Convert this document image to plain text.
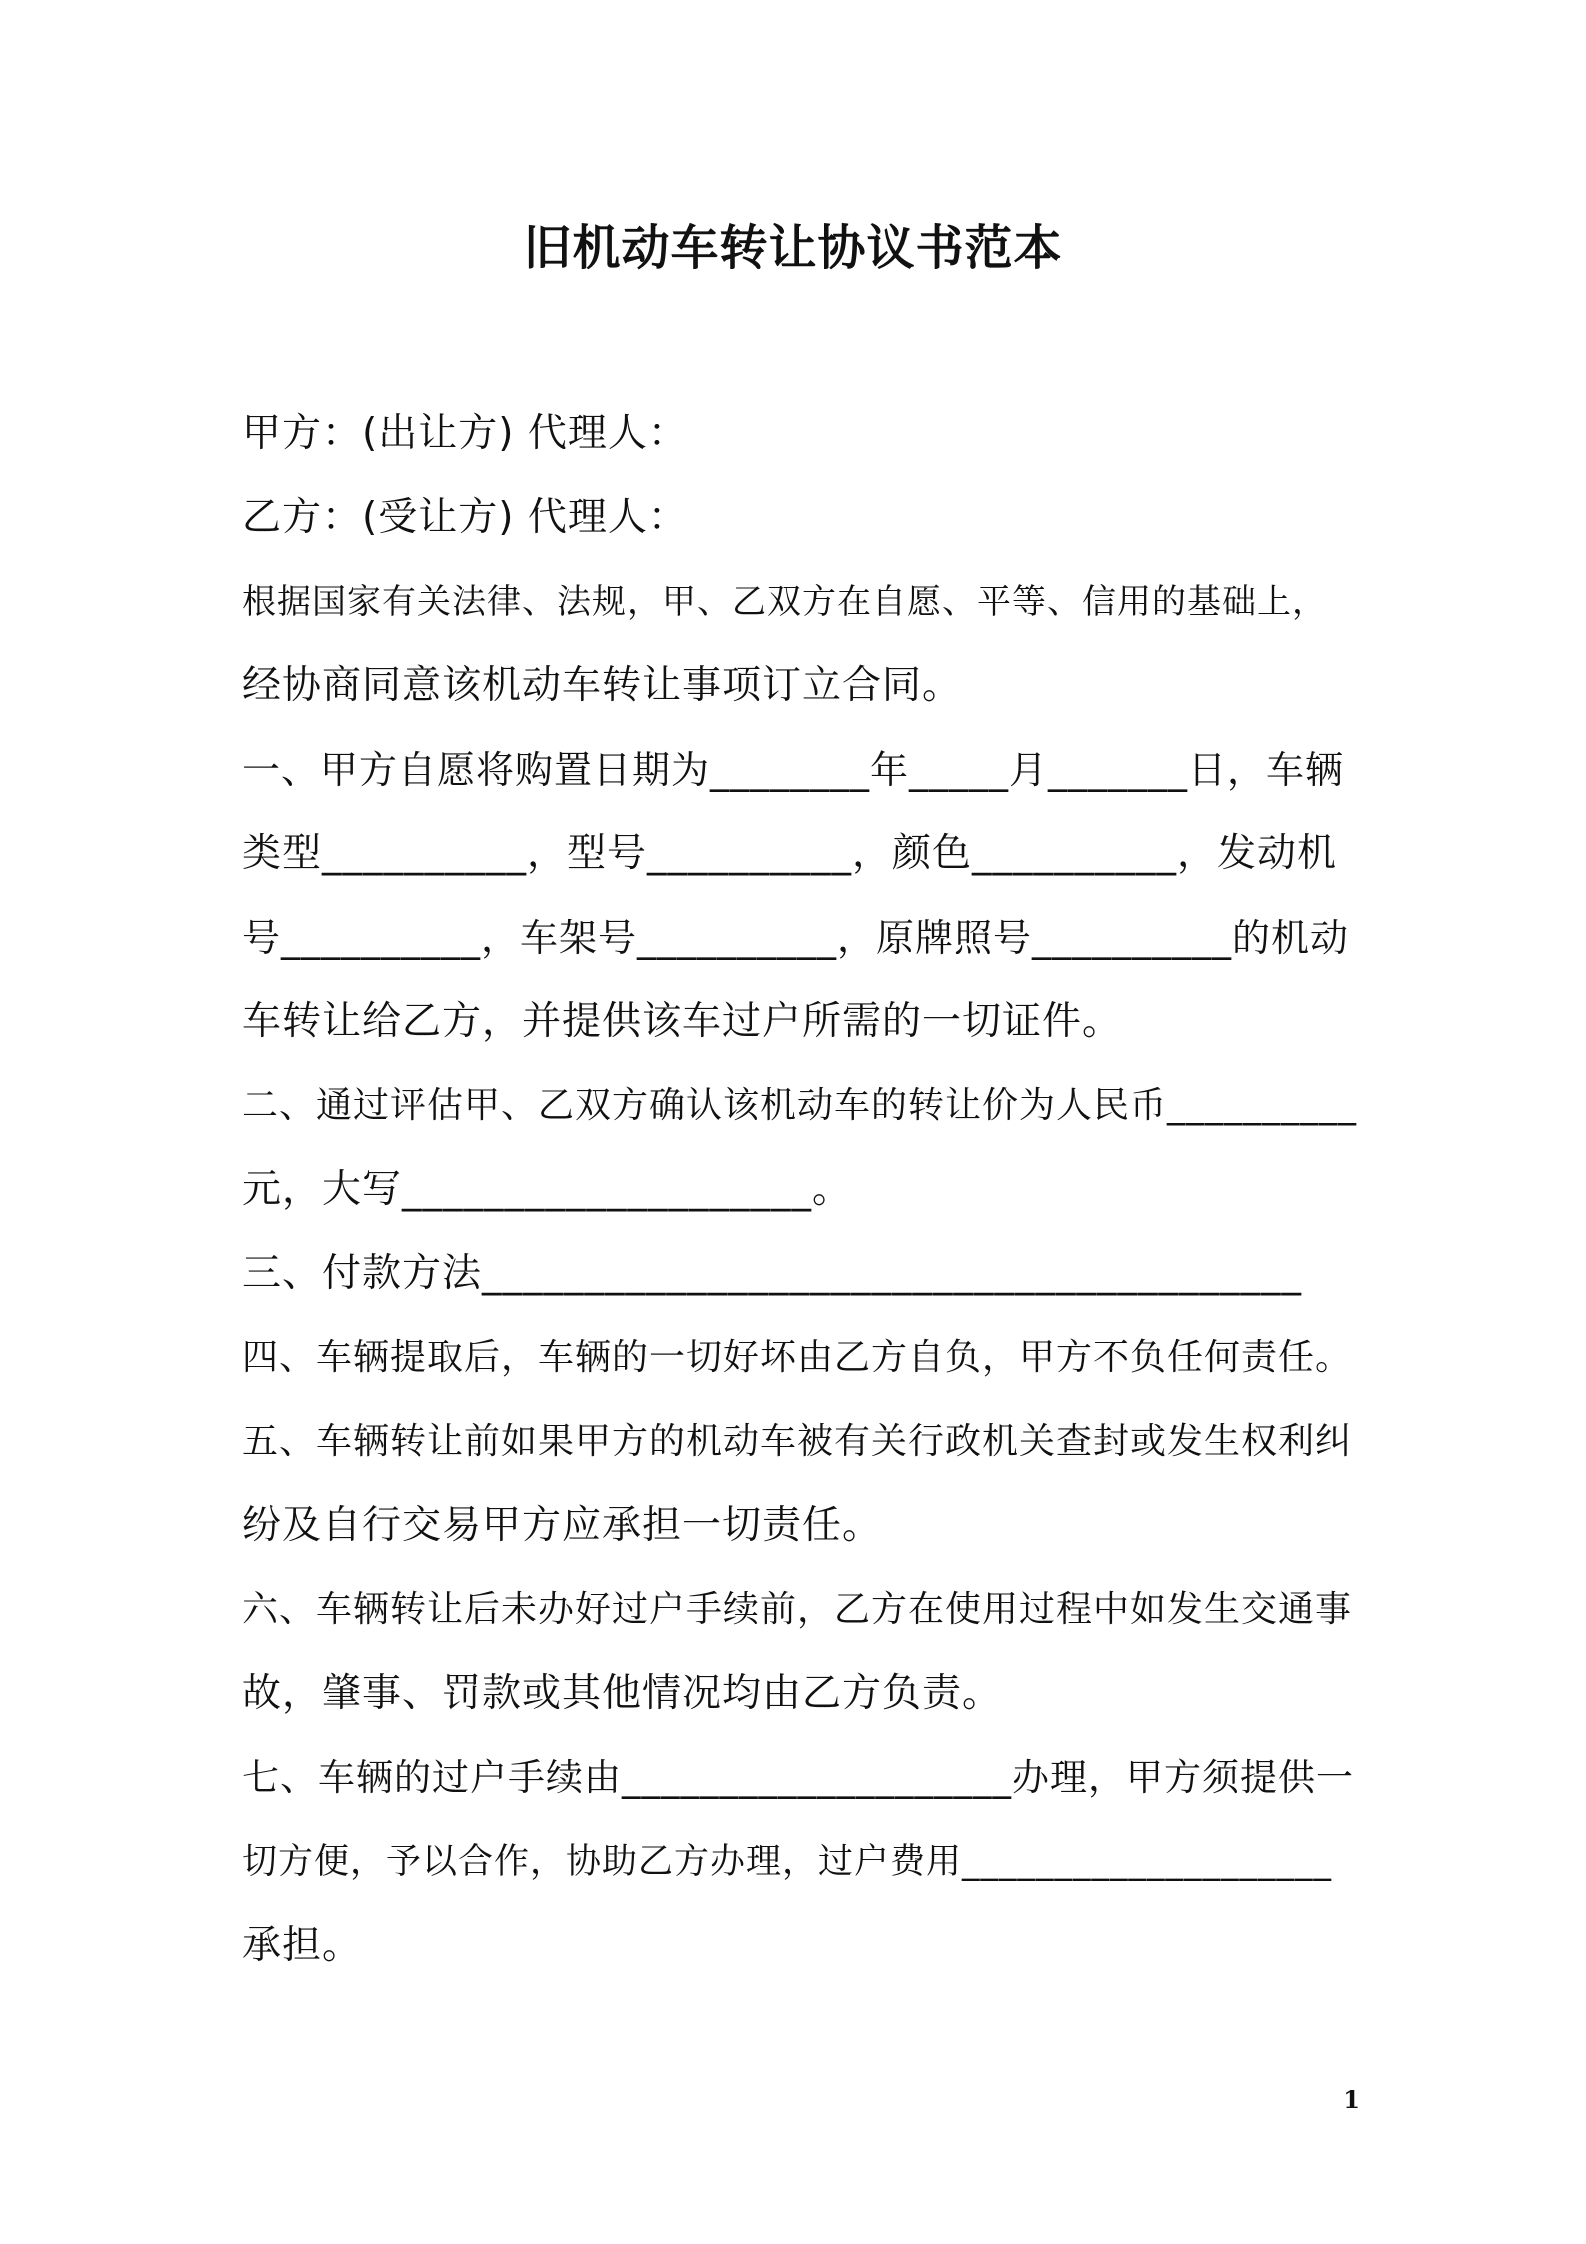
旧机动车转让协议书范本
甲方：(出让方) 代理人：
乙方：(受让方) 代理人：
根据国家有关法律、法规，甲、乙双方在自愿、平等、信用的基础上，
经协商同意该机动车转让事项订立合同。
一、甲方自愿将购置日期为________年_____月_______日，车辆
类型__________，型号__________，颜色__________，发动机
号__________，车架号__________，原牌照号__________的机动
车转让给乙方，并提供该车过户所需的一切证件。
二、通过评估甲、乙双方确认该机动车的转让价为人民币__________
元，大写____________________。
三、付款方法________________________________________
四、车辆提取后，车辆的一切好坏由乙方自负，甲方不负任何责任。
五、车辆转让前如果甲方的机动车被有关行政机关查封或发生权利纠
纷及自行交易甲方应承担一切责任。
六、车辆转让后未办好过户手续前，乙方在使用过程中如发生交通事
故，肇事、罚款或其他情况均由乙方负责。
七、车辆的过户手续由____________________办理，甲方须提供一
切方便，予以合作，协助乙方办理，过户费用____________________
承担。
1
